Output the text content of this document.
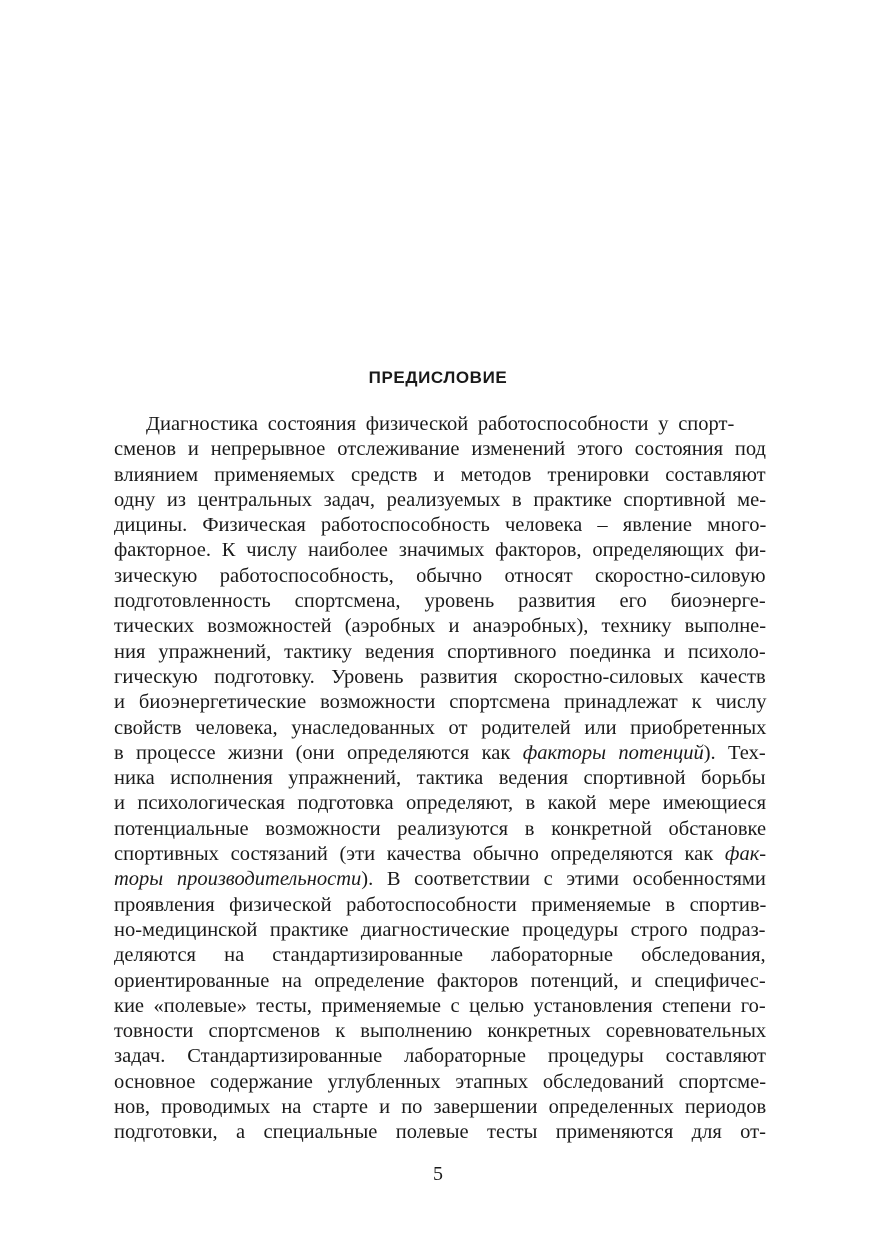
ПРЕДИСЛОВИЕ
Диагностика состояния физической работоспособности у спорт-
сменов и непрерывное отслеживание изменений этого состояния под
влиянием применяемых средств и методов тренировки составляют
одну из центральных задач, реализуемых в практике спортивной ме-
дицины. Физическая работоспособность человека – явление много-
факторное. К числу наиболее значимых факторов, определяющих фи-
зическую работоспособность, обычно относят скоростно-силовую
подготовленность спортсмена, уровень развития его биоэнерге-
тических возможностей (аэробных и анаэробных), технику выполне-
ния упражнений, тактику ведения спортивного поединка и психоло-
гическую подготовку. Уровень развития скоростно-силовых качеств
и биоэнергетические возможности спортсмена принадлежат к числу
свойств человека, унаследованных от родителей или приобретенных
в процессе жизни (они определяются как факторы потенций). Тех-
ника исполнения упражнений, тактика ведения спортивной борьбы
и психологическая подготовка определяют, в какой мере имеющиеся
потенциальные возможности реализуются в конкретной обстановке
спортивных состязаний (эти качества обычно определяются как фак-
торы производительности). В соответствии с этими особенностями
проявления физической работоспособности применяемые в спортив-
но-медицинской практике диагностические процедуры строго подраз-
деляются на стандартизированные лабораторные обследования,
ориентированные на определение факторов потенций, и специфичес-
кие «полевые» тесты, применяемые с целью установления степени го-
товности спортсменов к выполнению конкретных соревновательных
задач. Стандартизированные лабораторные процедуры составляют
основное содержание углубленных этапных обследований спортсме-
нов, проводимых на старте и по завершении определенных периодов
подготовки, а специальные полевые тесты применяются для от-
5
